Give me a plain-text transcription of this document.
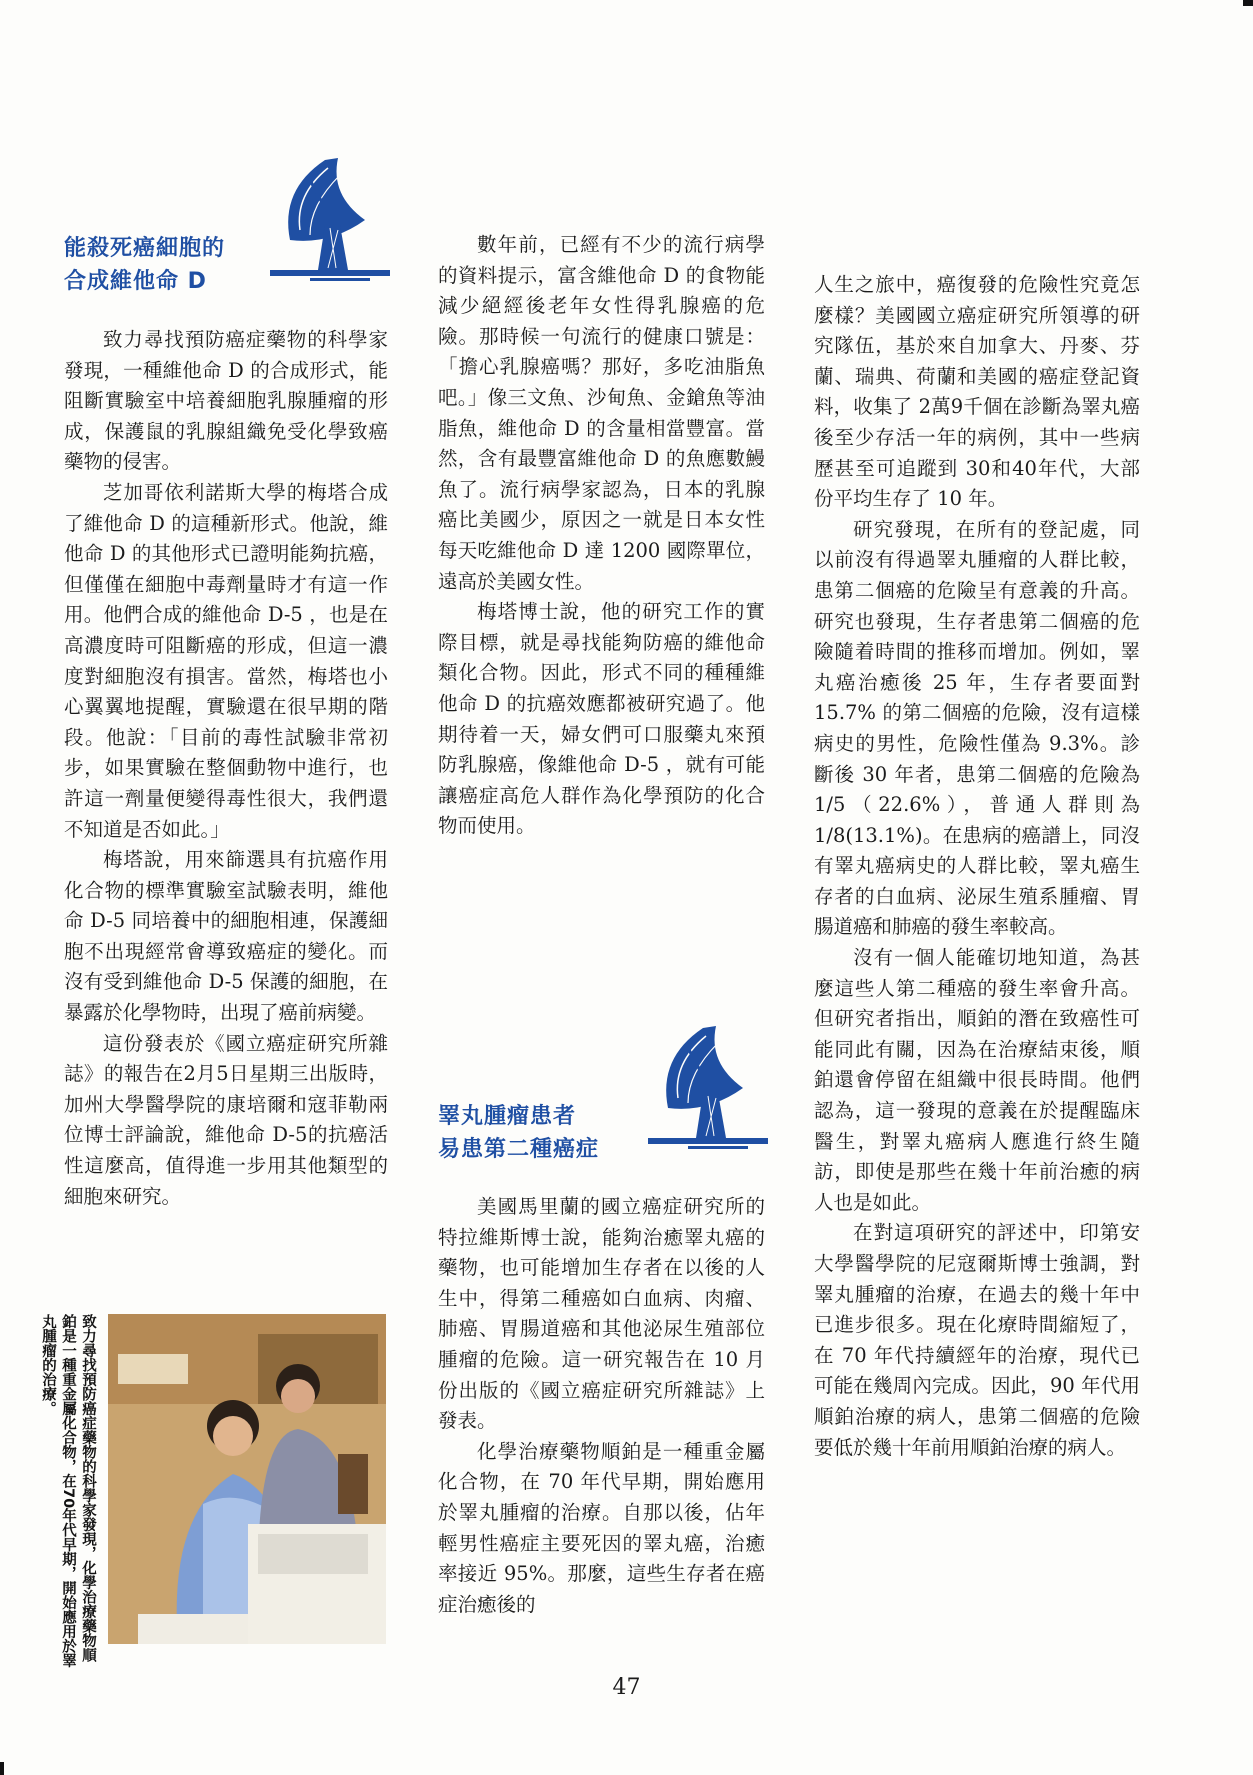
能殺死癌細胞的
合成維他命 D

致力尋找預防癌症藥物的科學家發現，一種維他命 D 的合成形式，能阻斷實驗室中培養細胞乳腺腫瘤的形成，保護鼠的乳腺組織免受化學致癌藥物的侵害。

芝加哥依利諾斯大學的梅塔合成了維他命 D 的這種新形式。他說，維他命 D 的其他形式已證明能夠抗癌，但僅僅在細胞中毒劑量時才有這一作用。他們合成的維他命 D-5 ，也是在高濃度時可阻斷癌的形成，但這一濃度對細胞沒有損害。當然，梅塔也小心翼翼地提醒，實驗還在很早期的階段。他說：「目前的毒性試驗非常初步，如果實驗在整個動物中進行，也許這一劑量便變得毒性很大，我們還不知道是否如此。」

梅塔說，用來篩選具有抗癌作用化合物的標準實驗室試驗表明，維他命 D-5 同培養中的細胞相連，保護細胞不出現經常會導致癌症的變化。而沒有受到維他命 D-5 保護的細胞，在暴露於化學物時，出現了癌前病變。

這份發表於《國立癌症研究所雜誌》的報告在2月5日星期三出版時，加州大學醫學院的康培爾和寇菲勒兩位博士評論說，維他命 D-5的抗癌活性這麼高，值得進一步用其他類型的細胞來研究。

致力尋找預防癌症藥物的科學家發現，化學治療藥物順鉑是一種重金屬化合物，在70年代早期，開始應用於睪丸腫瘤的治療。

數年前，已經有不少的流行病學的資料提示，富含維他命 D 的食物能減少絕經後老年女性得乳腺癌的危險。那時候一句流行的健康口號是：「擔心乳腺癌嗎？那好，多吃油脂魚吧。」像三文魚、沙甸魚、金鎗魚等油脂魚，維他命 D 的含量相當豐富。當然，含有最豐富維他命 D 的魚應數鰻魚了。流行病學家認為，日本的乳腺癌比美國少，原因之一就是日本女性每天吃維他命 D 達 1200 國際單位，遠高於美國女性。

梅塔博士說，他的研究工作的實際目標，就是尋找能夠防癌的維他命類化合物。因此，形式不同的種種維他命 D 的抗癌效應都被研究過了。他期待着一天，婦女們可口服藥丸來預防乳腺癌，像維他命 D-5 ，就有可能讓癌症高危人群作為化學預防的化合物而使用。

睪丸腫瘤患者
易患第二種癌症

美國馬里蘭的國立癌症研究所的特拉維斯博士說，能夠治癒睪丸癌的藥物，也可能增加生存者在以後的人生中，得第二種癌如白血病、肉瘤、肺癌、胃腸道癌和其他泌尿生殖部位腫瘤的危險。這一研究報告在 10 月份出版的《國立癌症研究所雜誌》上發表。

化學治療藥物順鉑是一種重金屬化合物，在 70 年代早期，開始應用於睪丸腫瘤的治療。自那以後，佔年輕男性癌症主要死因的睪丸癌，治癒率接近 95%。那麼，這些生存者在癌症治癒後的

人生之旅中，癌復發的危險性究竟怎麼樣？美國國立癌症研究所領導的研究隊伍，基於來自加拿大、丹麥、芬蘭、瑞典、荷蘭和美國的癌症登記資料，收集了 2萬9千個在診斷為睪丸癌後至少存活一年的病例，其中一些病歷甚至可追蹤到 30和40年代，大部份平均生存了 10 年。

研究發現，在所有的登記處，同以前沒有得過睪丸腫瘤的人群比較，患第二個癌的危險呈有意義的升高。研究也發現，生存者患第二個癌的危險隨着時間的推移而增加。例如，睪丸癌治癒後 25 年，生存者要面對 15.7% 的第二個癌的危險，沒有這樣病史的男性，危險性僅為 9.3%。診斷後 30 年者，患第二個癌的危險為1/5（22.6%），普通人群則為1/8(13.1%)。在患病的癌譜上，同沒有睪丸癌病史的人群比較，睪丸癌生存者的白血病、泌尿生殖系腫瘤、胃腸道癌和肺癌的發生率較高。

沒有一個人能確切地知道，為甚麼這些人第二種癌的發生率會升高。但研究者指出，順鉑的潛在致癌性可能同此有關，因為在治療結束後，順鉑還會停留在組織中很長時間。他們認為，這一發現的意義在於提醒臨床醫生，對睪丸癌病人應進行終生隨訪，即使是那些在幾十年前治癒的病人也是如此。

在對這項研究的評述中，印第安大學醫學院的尼寇爾斯博士強調，對睪丸腫瘤的治療，在過去的幾十年中已進步很多。現在化療時間縮短了，在 70 年代持續經年的治療，現代已可能在幾周內完成。因此，90 年代用順鉑治療的病人，患第二個癌的危險要低於幾十年前用順鉑治療的病人。

47
